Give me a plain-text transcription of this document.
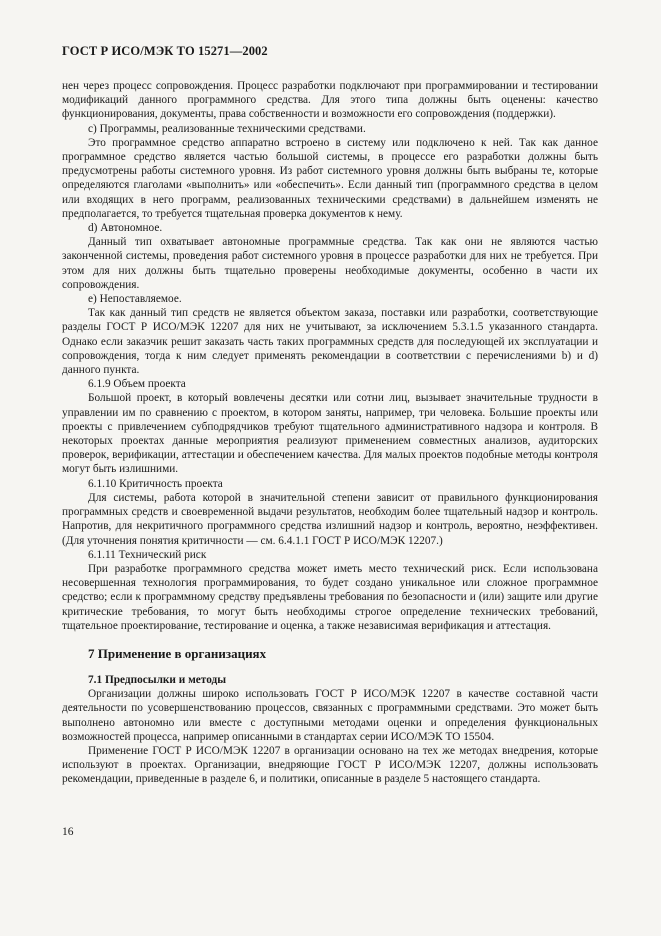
ГОСТ Р ИСО/МЭК ТО 15271—2002

нен через процесс сопровождения. Процесс разработки подключают при программировании и тестировании модификаций данного программного средства. Для этого типа должны быть оценены: качество функционирования, документы, права собственности и возможности его сопровождения (поддержки).

c) Программы, реализованные техническими средствами.

Это программное средство аппаратно встроено в систему или подключено к ней. Так как данное программное средство является частью большой системы, в процессе его разработки должны быть предусмотрены работы системного уровня. Из работ системного уровня должны быть выбраны те, которые определяются глаголами «выполнить» или «обеспечить». Если данный тип (программного средства в целом или входящих в него программ, реализованных техническими средствами) в дальнейшем изменять не предполагается, то требуется тщательная проверка документов к нему.

d) Автономное.

Данный тип охватывает автономные программные средства. Так как они не являются частью законченной системы, проведения работ системного уровня в процессе разработки для них не требуется. При этом для них должны быть тщательно проверены необходимые документы, особенно в части их сопровождения.

e) Непоставляемое.

Так как данный тип средств не является объектом заказа, поставки или разработки, соответствующие разделы ГОСТ Р ИСО/МЭК 12207 для них не учитывают, за исключением 5.3.1.5 указанного стандарта. Однако если заказчик решит заказать часть таких программных средств для последующей их эксплуатации и сопровождения, тогда к ним следует применять рекомендации в соответствии с перечислениями b) и d) данного пункта.

6.1.9 Объем проекта

Большой проект, в который вовлечены десятки или сотни лиц, вызывает значительные трудности в управлении им по сравнению с проектом, в котором заняты, например, три человека. Большие проекты или проекты с привлечением субподрядчиков требуют тщательного административного надзора и контроля. В некоторых проектах данные мероприятия реализуют применением совместных анализов, аудиторских проверок, верификации, аттестации и обеспечением качества. Для малых проектов подобные методы контроля могут быть излишними.

6.1.10 Критичность проекта

Для системы, работа которой в значительной степени зависит от правильного функционирования программных средств и своевременной выдачи результатов, необходим более тщательный надзор и контроль. Напротив, для некритичного программного средства излишний надзор и контроль, вероятно, неэффективен. (Для уточнения понятия критичности — см. 6.4.1.1 ГОСТ Р ИСО/МЭК 12207.)

6.1.11 Технический риск

При разработке программного средства может иметь место технический риск. Если использована несовершенная технология программирования, то будет создано уникальное или сложное программное средство; если к программному средству предъявлены требования по безопасности и (или) защите или другие критические требования, то могут быть необходимы строгое определение технических требований, тщательное проектирование, тестирование и оценка, а также независимая верификация и аттестация.

7 Применение в организациях
7.1 Предпосылки и методы

Организации должны широко использовать ГОСТ Р ИСО/МЭК 12207 в качестве составной части деятельности по усовершенствованию процессов, связанных с программными средствами. Это может быть выполнено автономно или вместе с доступными методами оценки и определения функциональных возможностей процесса, например описанными в стандартах серии ИСО/МЭК ТО 15504.

Применение ГОСТ Р ИСО/МЭК 12207 в организации основано на тех же методах внедрения, которые используют в проектах. Организации, внедряющие ГОСТ Р ИСО/МЭК 12207, должны использовать рекомендации, приведенные в разделе 6, и политики, описанные в разделе 5 настоящего стандарта.

16
